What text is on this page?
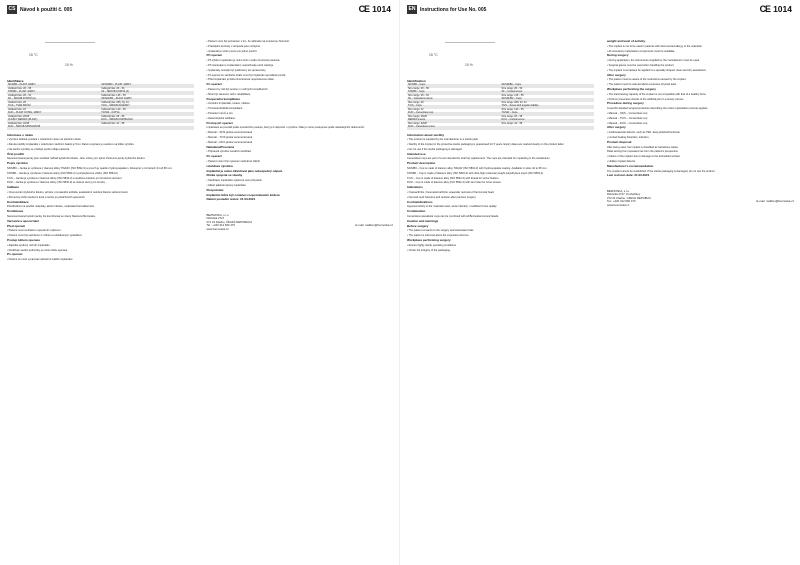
CS Návod k použití č. 005	CE 1014
15 °C
10 %
Identifikace
SF/S/B0 – PLAST JAMKY	SF/SW/B0 – PLAST JAMKY
Velikosti hlav: 28 – 58	Velikosti hlav: 28 – 50
STD/B0 – PLAST JAMKY	SF – ŠROUB KOSTNÍ (A)
Velikosti hlav: 28 – 54	Velikosti hlav: L25 – 55
SF – ŠROUB KOSTNÍ (A)	SF/SFF/B0 – PLAST JAMKY
Velikosti hlav: 28	Velikosti hlav: 28S, 34, 44
TC/S – TVAR KRČNÍ	TC/S – ŠROUB ZÁVĚSNÝ
Velikosti hlav: 22	Velikosti hlav: L20 – 55
DUO – PLAST KOTEV, JAMKY	TC/SW – KOTVA
Velikosti hlav: 26/28	Velikosti hlav: 28 – 58
VLOŽKY REINFIX (PLAST)	DUO – ŠROUB KORTIKÁLNÍ
Velikosti hlav: 22/28	Velikosti hlav: 44 – 58
DUO – ŠROUB SPONGIÓZNÍ	

Informace o obalu

• Výrobce dodává výrobek v nesterilním stavu na sterilním obalu.

• Záruka sterility implantátu v uzavřeném sterilním balení je 5 let. Datum expirace je uvedeno na štítku výrobku.

• Na sterilní výrobky se vztahují osobní údaje pacienta.

Účel použití

Necementované jamky jsou součástí náhrad kyčelního kloubu. Jsou určeny pro úplné zhotovení jamky kyčelního kloubu.

Popis výrobku

SF/S/B0 – Jamka je vyrobena z titanové slitiny Ti6Al4V (ISO 5832-3) a povrch je opatřen hydroxyapatitem. Dostupné v rozměrech 44 až 68 mm.

STD/B0 – Jamka je vyrobena z titanové slitiny (ISO 5832-3) a polyetylénové vložky (ISO 5834-2).

TC/S – Jamka je vyrobena z titanové slitiny (ISO 5832-3) a opatřena závitem pro šroubové ukotvení.

DUO – Jamka je vyrobena z titanové slitiny (ISO 5832-3) se dvěma otvory pro šrouby.

Indikace

• Onemocnění kyčelního kloubu, artróza, revmatoidní artritida, avaskulární nekróza hlavice stehenní kosti.

• Zlomeniny krčku stehenní kosti a revize po předchozích operacích.

Kontraindikace

Přecitlivělost na použité materiály, akutní infekce, nedostatečná kvalita kosti.

Kombinace

Necementované kyčelní jamky lze kombinovat se všemi hlavicemi Beznoska.

Varování a upozornění

Před operací

• Pacient musí souhlasit s operačním výkonem.

• Pacient musí být seznámen s rizikem a očekávaným výsledkem.

Postup během operace

• Zajistěte správný rozměr implantátu.

• Dodržujte sterilní podmínky po celou dobu operace.

Po operaci

• Pacient se musí vyvarovat nadměrné zátěže implantátu.

• Pacient musí být seznámen s tím, že náhrada má omezenou životnost.

• Pravidelné kontroly u ortopeda jsou nezbytné.

• Implantát je určen pouze pro jedno použití.

Při operaci

• Při výběru implantátu je nutno brát v úvahu hmotnost pacienta.

• Při manipulaci s implantátem nepoužívejte ostré nástroje.

• Implantáty nesmějí být poškozeny ani upravovány.

• Po sejmutí ze sterilního obalu musí být implantát neprodleně použit.

• Před implantací je třeba zkontrolovat neporušenost obalu.

Po operaci

• Pacient by měl být poučen o možných komplikacích.

• Musí být stanoven režim rehabilitace.

Pooperační komplikace

• Uvolnění implantátu, luxace, infekce.

• Tromboembolické komplikace.

• Poranění nervů a cév.

• Heterotopické osifikace.

Postup při operaci

Implantace se provádí podle operačního postupu, který je k dispozici u výrobce. Dále je nutno postupovat podle následujících dokumentů:

• Manuál – SF/S jamka necementovaná

• Manuál – TC/S jamka necementovaná

• Manuál – DUO jamka necementovaná

Nebalená/Povolená

• Přípravek výrobce nenabízí sterilizaci.

Po operaci

• Pacient nesmí být vystaven nadměrné zátěži.

Likvidace výrobku

Implantát je nutno likvidovat jako nebezpečný odpad.

Rizika spojená se zásahy

• Sterilizace implantátu opětovně není přípustná.

• Zákaz jakékoli úpravy implantátu.

Rozpoznání

Implantát může být označen rozpoznávacím kódem.

Datum poslední revize: 21.03.2021

BEZNOSKA, s.r.o.
Dělnická 2727
272 01 Kladno, ČESKÁ REPUBLIKA
Tel.: +420 312 660 470	E-mail: mailbox@beznoska.cz
www.beznoska.cz
EN Instructions for Use No. 005	CE 1014
15 °C
10 %
Identification
SF/S/B0 – Cups	SF/SW/B0 – Cups
Size range: 28 – 58	Size range: 28 – 50
STD/B0 – Cups	SF – Cortical screw
Size range: 28 – 54	Size range: L25 – 55
SF – Cancellous screw	SF/SFF/B0 – Cups
Size range: 28	Size range: 28S, 34, 44
TC/S – Cups	TC/S – Screw with angular stability
Size range: 22	Size range: L20 – 55
DUO – Cementless cup	TC/SW – Cups
Size range: 26/28	Size range: 28 – 58
REINFIX inserts	DUO – Cortical screw
Size range: 22/28	Size range: 44 – 58
DUO – Cancellous screw	

Information about sterility

• The product is supplied by the manufacturer in a sterile pack.

• Sterility of the implant in the protective sterile packaging is guaranteed for 5 years. Expiry dates are marked clearly on the product label.

• Do not use if the sterile packaging is damaged.

Intended use

Cementless cups are part of a set intended for total hip replacement. The cups are intended for implanting in the acetabulum.

Product description

SF/S/B0 – Cup is made of titanium alloy Ti6Al4V (ISO 5832-3) with hydroxyapatite coating. Available in sizes 44 to 68 mm.

STD/B0 – Cup is made of titanium alloy (ISO 5832-3) with ultra-high molecular weight polyethylene insert (ISO 5834-2).

TC/S – Cup is made of titanium alloy (ISO 5832-3) with thread for screw fixation.

DUO – Cup is made of titanium alloy (ISO 5832-3) with two holes for bone screws.

Indications

• Osteoarthritis, rheumatoid arthritis, avascular necrosis of the femoral head.

• Femoral neck fractures and revision after previous surgery.

Contraindications

Hypersensitivity to the materials used, acute infection, insufficient bone quality.

Combination

Cementless acetabular cups can be combined with all Beznoska femoral heads.

Caution and warnings

Before surgery

• The patient consents to the surgery and associated risks.

• The patient is informed about the expected outcome.

Workplace performing surgery

• Ensure highly sterile operating conditions.

• Check the integrity of the packaging.

weight and level of activity.

• The implant is not to be used in patients with documented allergy to the materials.

• All necessary implantation components must be available.

During surgery

• During application, the instruments supplied by the manufacturer must be used.

• Surgical gloves must be used when handling the product.

• The implant must always be applied to a specially shaped, clean and dry acetabulum.

After surgery

• The patient must be aware of the restrictions caused by the implant.

• The patient must be warned about excessive physical load.

Workplace performing the surgery

• The load bearing capacity of the implant is not compatible with that of a healthy bone.

• Perform preventive checks of the artificial joint in a timely manner.

Procedure during surgery

A specific detailed surgical procedure describing the entire implantation process applies:

• Manual – SF/S – Cementless cup

• Manual – TC/S – Cementless cup

• Manual – DUO – Cementless cup

After surgery

• Cardiovascular defects, such as TEN, deep phlebothrombosis.

• Limited healing disorders, infection.

Product disposal

After being used, the implant is classified as hazardous waste.

Risks arising from repeated use from the patient's perspective

• Failure of the implant due to damage to the articulated surface.

• Hidden implant defects.

Manufacturer's recommendation

The implant cannot be resterilized. If the sterile packaging is damaged, do not use the product.

Last revision date: 21.03.2021

BEZNOSKA, s.r.o.
Dělnická 2727, Kročehlavy
272 01 Kladno, CZECH REPUBLIC
Tel.: +420 312 660 470	E-mail: mailbox@beznoska.cz
www.beznoska.cz
